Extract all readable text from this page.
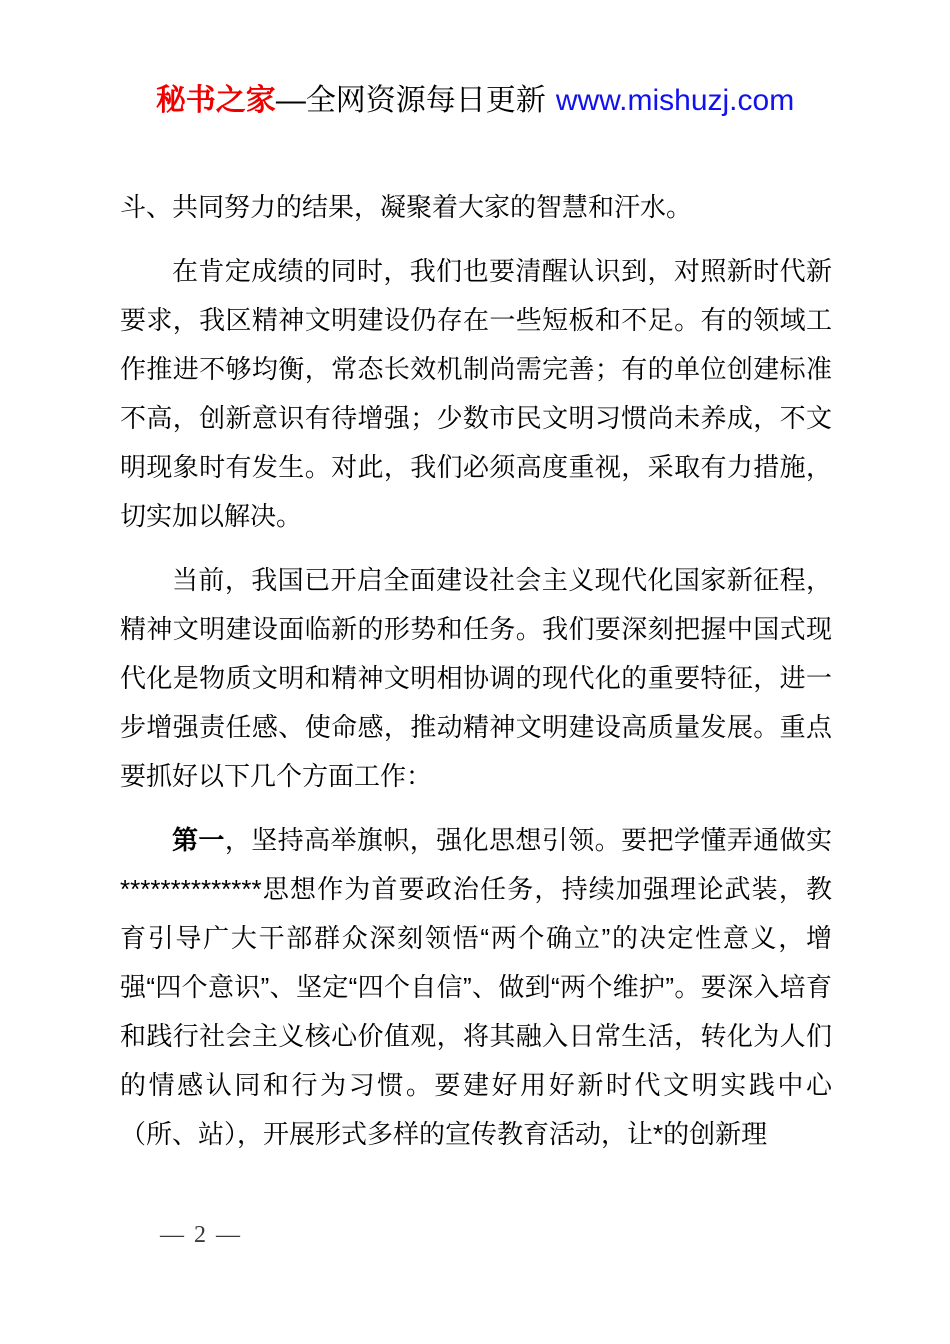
秘书之家—全网资源每日更新 www.mishuzj.com

斗、共同努力的结果，凝聚着大家的智慧和汗水。

在肯定成绩的同时，我们也要清醒认识到，对照新时代新要求，我区精神文明建设仍存在一些短板和不足。有的领域工作推进不够均衡，常态长效机制尚需完善；有的单位创建标准不高，创新意识有待增强；少数市民文明习惯尚未养成，不文明现象时有发生。对此，我们必须高度重视，采取有力措施，切实加以解决。

当前，我国已开启全面建设社会主义现代化国家新征程，精神文明建设面临新的形势和任务。我们要深刻把握中国式现代化是物质文明和精神文明相协调的现代化的重要特征，进一步增强责任感、使命感，推动精神文明建设高质量发展。重点要抓好以下几个方面工作：

第一，坚持高举旗帜，强化思想引领。要把学懂弄通做实**************思想作为首要政治任务，持续加强理论武装，教育引导广大干部群众深刻领悟“两个确立”的决定性意义，增强“四个意识”、坚定“四个自信”、做到“两个维护”。要深入培育和践行社会主义核心价值观，将其融入日常生活，转化为人们的情感认同和行为习惯。要建好用好新时代文明实践中心（所、站），开展形式多样的宣传教育活动，让*的创新理

— 2 —
